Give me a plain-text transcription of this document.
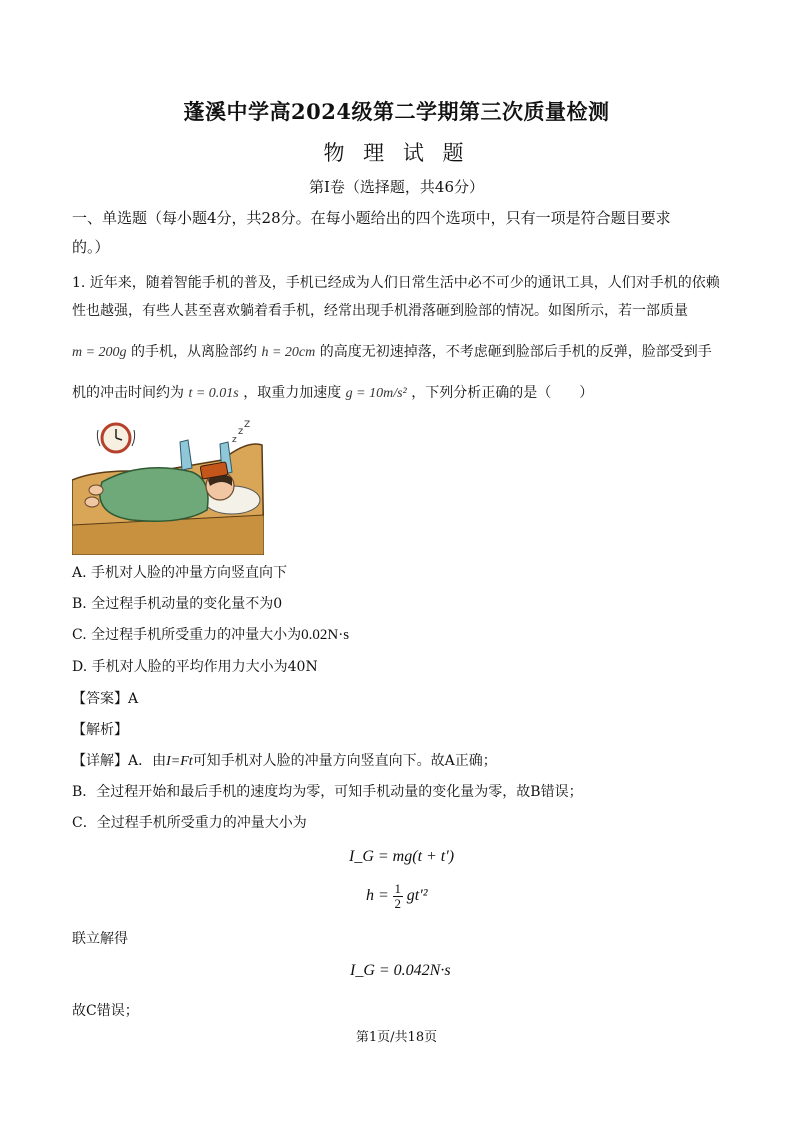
蓬溪中学高2024级第二学期第三次质量检测
物 理 试 题
第Ⅰ卷（选择题，共46分）
一、单选题（每小题4分，共28分。在每小题给出的四个选项中，只有一项是符合题目要求
的。）
1. 近年来，随着智能手机的普及，手机已经成为人们日常生活中必不可少的通讯工具，人们对手机的依赖
性也越强，有些人甚至喜欢躺着看手机，经常出现手机滑落砸到脸部的情况。如图所示，若一部质量
m = 200g 的手机，从离脸部约 h = 20cm 的高度无初速掉落，不考虑砸到脸部后手机的反弹，脸部受到手
机的冲击时间约为 t = 0.01s ，取重力加速度 g = 10m/s² ，下列分析正确的是（　　）
z
z
Z
A. 手机对人脸的冲量方向竖直向下
B. 全过程手机动量的变化量不为0
C. 全过程手机所受重力的冲量大小为0.02N·s
D. 手机对人脸的平均作用力大小为40N
【答案】A
【解析】
【详解】A．由I=Ft可知手机对人脸的冲量方向竖直向下。故A正确；
B．全过程开始和最后手机的速度均为零，可知手机动量的变化量为零，故B错误；
C．全过程手机所受重力的冲量大小为
I_G = mg(t + t′)
$h = \frac{1}{2} gt'^2$
联立解得
I_G = 0.042N·s
故C错误；
第1页/共18页
